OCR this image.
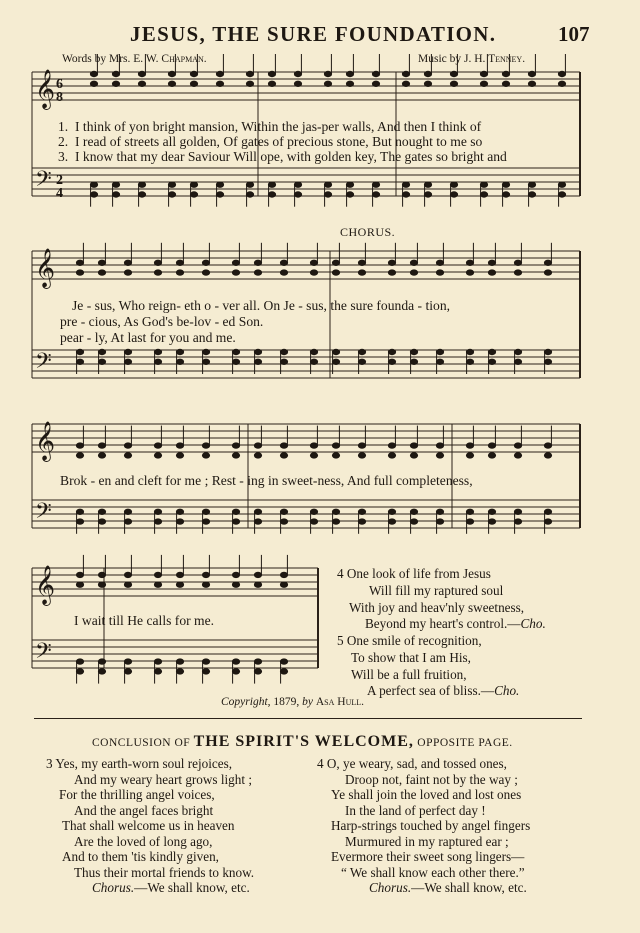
JESUS, THE SURE FOUNDATION.	107
Words by Mrs. E. W. Chapman.	Music by J. H. Tenney.
𝄞
𝄢
𝄞
𝄢
𝄞
𝄢
𝄞
𝄢
6
8
2
4
1. I think of yon bright mansion, Within the jas-per walls, And then I think of
2. I read of streets all golden, Of gates of precious stone, But nought to me so
3. I know that my dear Saviour Will ope, with golden key, The gates so bright and
CHORUS.
Je - sus, Who reign- eth o - ver all. On Je - sus, the sure founda - tion,
pre - cious, As God's be-lov - ed Son.
pear - ly, At last for you and me.
Brok - en and cleft for me ; Rest - ing in sweet-ness, And full completeness,
I wait till He calls for me.
4 One look of life from Jesus
Will fill my raptured soul
With joy and heav'nly sweetness,
Beyond my heart's control.—Cho.
5 One smile of recognition,
To show that I am His,
Will be a full fruition,
A perfect sea of bliss.—Cho.
Copyright, 1879, by Asa Hull.
CONCLUSION OF THE SPIRIT'S WELCOME, OPPOSITE PAGE.
3 Yes, my earth-worn soul rejoices,
And my weary heart grows light ;
For the thrilling angel voices,
And the angel faces bright
That shall welcome us in heaven
Are the loved of long ago,
And to them 'tis kindly given,
Thus their mortal friends to know.
Chorus.—We shall know, etc.
4 O, ye weary, sad, and tossed ones,
Droop not, faint not by the way ;
Ye shall join the loved and lost ones
In the land of perfect day !
Harp-strings touched by angel fingers
Murmured in my raptured ear ;
Evermore their sweet song lingers—
“ We shall know each other there.”
Chorus.—We shall know, etc.
